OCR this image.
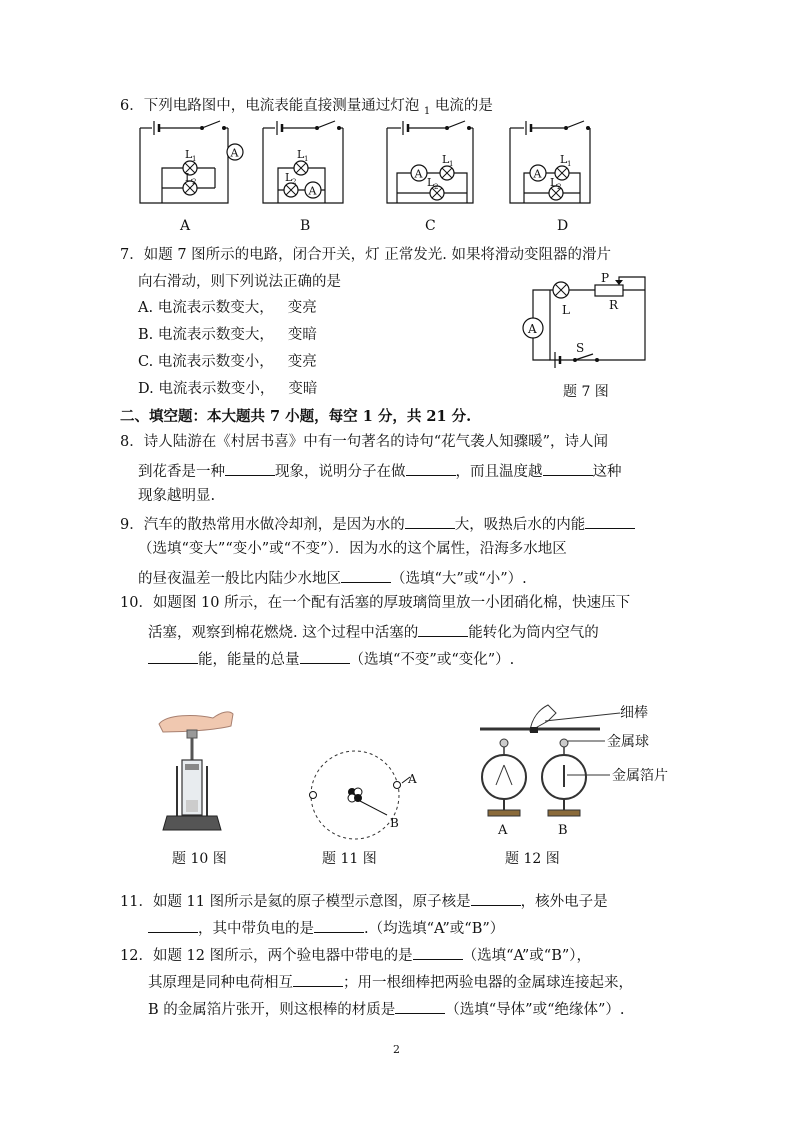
6．下列电路图中，电流表能直接测量通过灯泡 $_1$ 电流的是
L 1
L 2
A	L 1
L 2
A
A
L 1
L 2
A
L 1
L 2
A	B	C	D
7．如题 7 图所示的电路，闭合开关，灯 正常发光. 如果将滑动变阻器的滑片
向右滑动，则下列说法正确的是
A. 电流表示数变大， 变亮
B. 电流表示数变大， 变暗
C. 电流表示数变小， 变亮
D. 电流表示数变小， 变暗
P
R
L
A
S
题 7 图
二、填空题：本大题共 7 小题，每空 1 分，共 21 分.
8．诗人陆游在《村居书喜》中有一句著名的诗句“花气袭人知骤暖”，诗人闻
到花香是一种	现象，说明分子在做	，而且温度越	这种
现象越明显.
9．汽车的散热常用水做冷却剂，是因为水的	大，吸热后水的内能
（选填“变大”“变小”或“不变”）．因为水的这个属性，沿海多水地区
的昼夜温差一般比内陆少水地区	（选填“大”或“小”）.
10．如题图 10 所示，在一个配有活塞的厚玻璃筒里放一小团硝化棉，快速压下
活塞，观察到棉花燃烧. 这个过程中活塞的	能转化为筒内空气的
能，能量的总量	（选填“不变”或“变化”）.
A
B	A	B
细棒
金属球
金属箔片
题 10 图	题 11 图	题 12 图
11．如题 11 图所示是氦的原子模型示意图，原子核是	，核外电子是
，其中带负电的是	.（均选填“A”或“B”）
12．如题 12 图所示，两个验电器中带电的是	（选填“A”或“B”），
其原理是同种电荷相互	；用一根细棒把两验电器的金属球连接起来，
B 的金属箔片张开，则这根棒的材质是	（选填“导体”或“绝缘体”）.
2
